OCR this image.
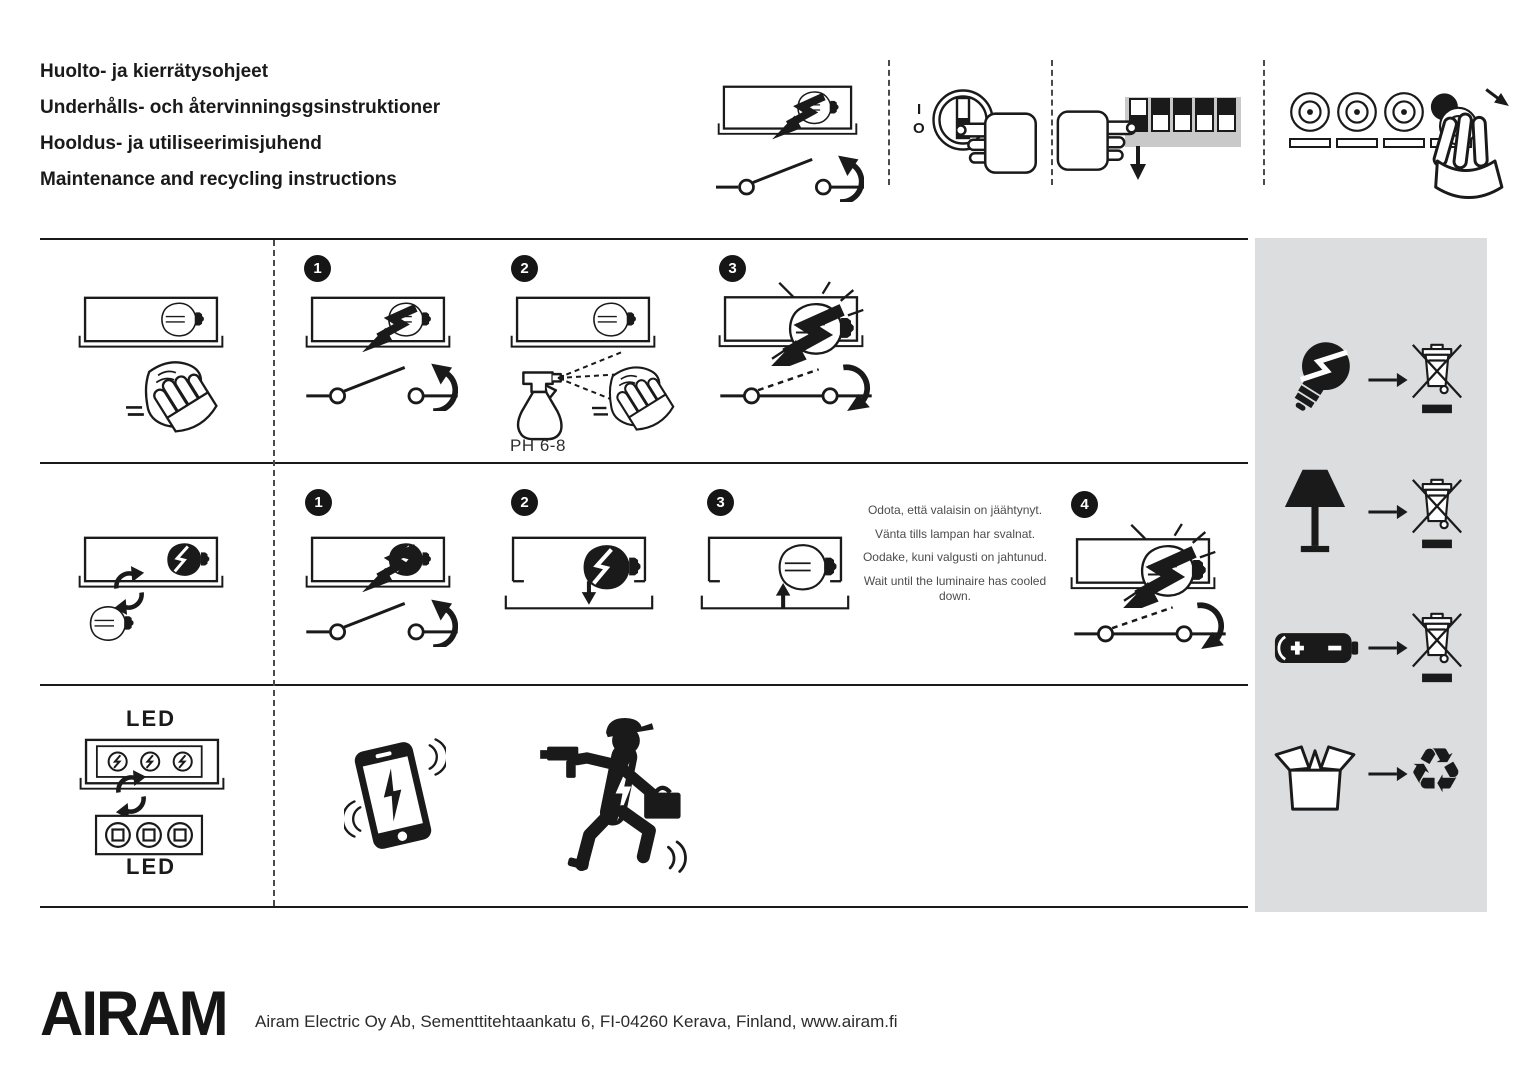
Huolto- ja kierrätysohjeet
Underhålls- och återvinningsgsinstruktioner
Hooldus- ja utiliseerimisjuhend
Maintenance and recycling instructions
I
O
1	2
PH 6-8
3
1	2	3	Odota, että valaisin on jäähtynyt.

Vänta tills lampan har svalnat.

Oodake, kuni valgusti on jahtunud.

Wait until the luminaire has cooled down.

4
LED
LED
♻
AIRAM Airam Electric Oy Ab, Sementtitehtaankatu 6, FI-04260 Kerava, Finland, www.airam.fi
